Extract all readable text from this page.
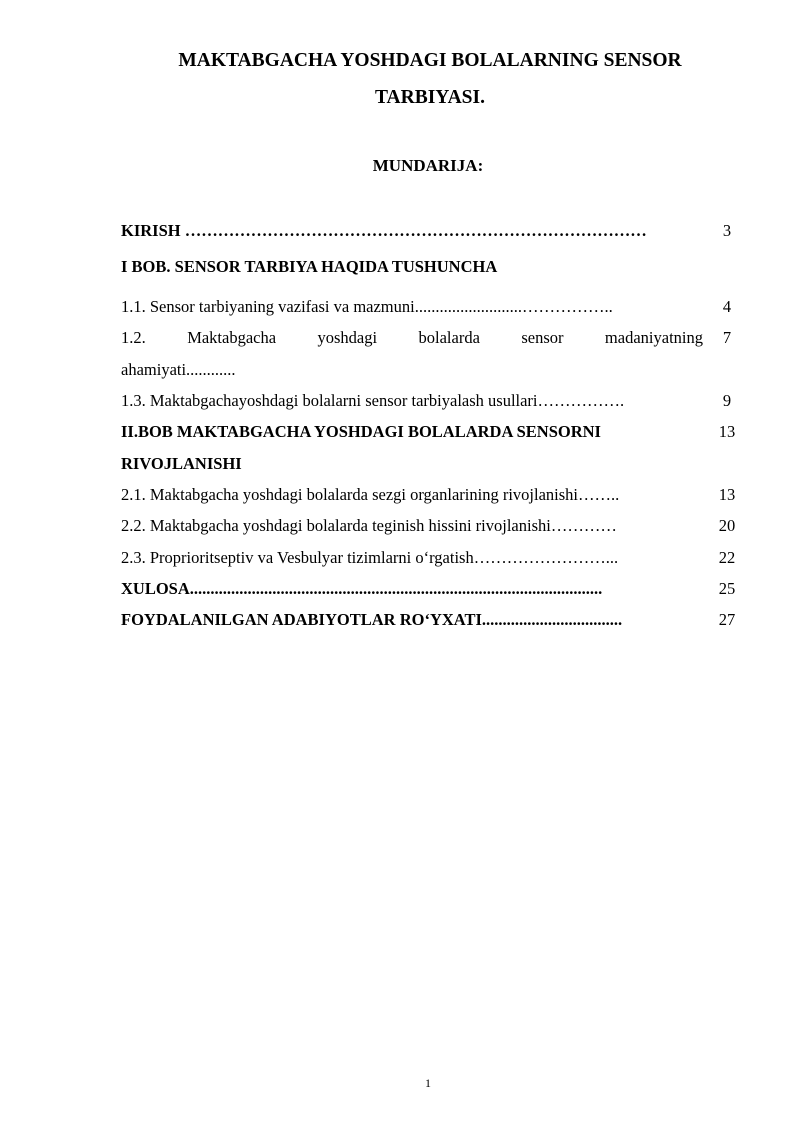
MAKTABGACHA YOSHDAGI BOLALARNING SENSOR
TARBIYASI.
MUNDARIJA:
KIRISH …………………………………………………………………………	3
I BOB. SENSOR TARBIYA HAQIDA TUSHUNCHA
1.1. Sensor tarbiyaning vazifasi va mazmuni..........................……………..	4
1.2. Maktabgacha yoshdagi bolalarda sensor madaniyatning	7
ahamiyati............
1.3. Maktabgachayoshdagi bolalarni sensor tarbiyalash usullari…………….	9
II.BOB MAKTABGACHA YOSHDAGI BOLALARDA SENSORNI	13
RIVOJLANISHI
2.1. Maktabgacha yoshdagi bolalarda sezgi organlarining rivojlanishi……..	13
2.2. Maktabgacha yoshdagi bolalarda teginish hissini rivojlanishi…………	20
2.3. Proprioritseptiv va Vesbulyar tizimlarni o‘rgatish……………………...	22
XULOSA....................................................................................................	25
FOYDALANILGAN ADABIYOTLAR RO‘YXATI..................................	27
1
